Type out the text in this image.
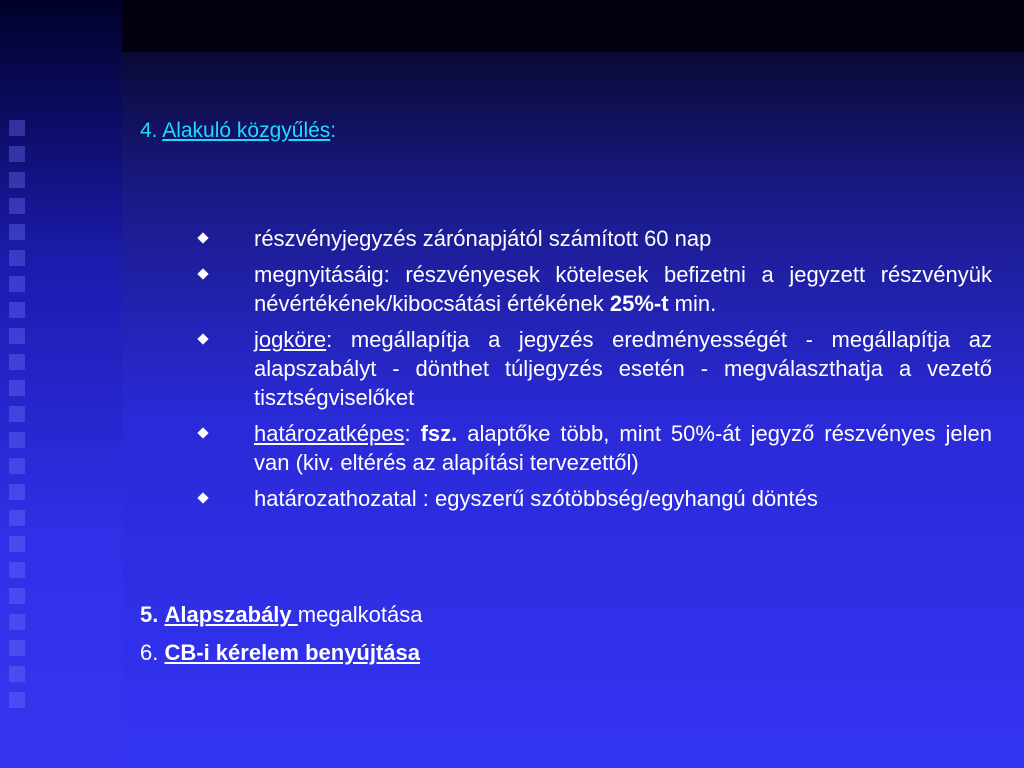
4. Alakuló közgyűlés:
részvényjegyzés zárónapjától számított 60 nap
megnyitásáig: részvényesek kötelesek befizetni a jegyzett részvényük névértékének/kibocsátási értékének 25%-t min.
jogköre: megállapítja a jegyzés eredményességét - megállapítja az alapszabályt - dönthet túljegyzés esetén - megválaszthatja a vezető tisztségviselőket
határozatképes: fsz. alaptőke több, mint 50%-át jegyző részvényes jelen van (kiv. eltérés az alapítási tervezettől)
határozathozatal : egyszerű szótöbbség/egyhangú döntés
5. Alapszabály megalkotása
6. CB-i kérelem benyújtása
